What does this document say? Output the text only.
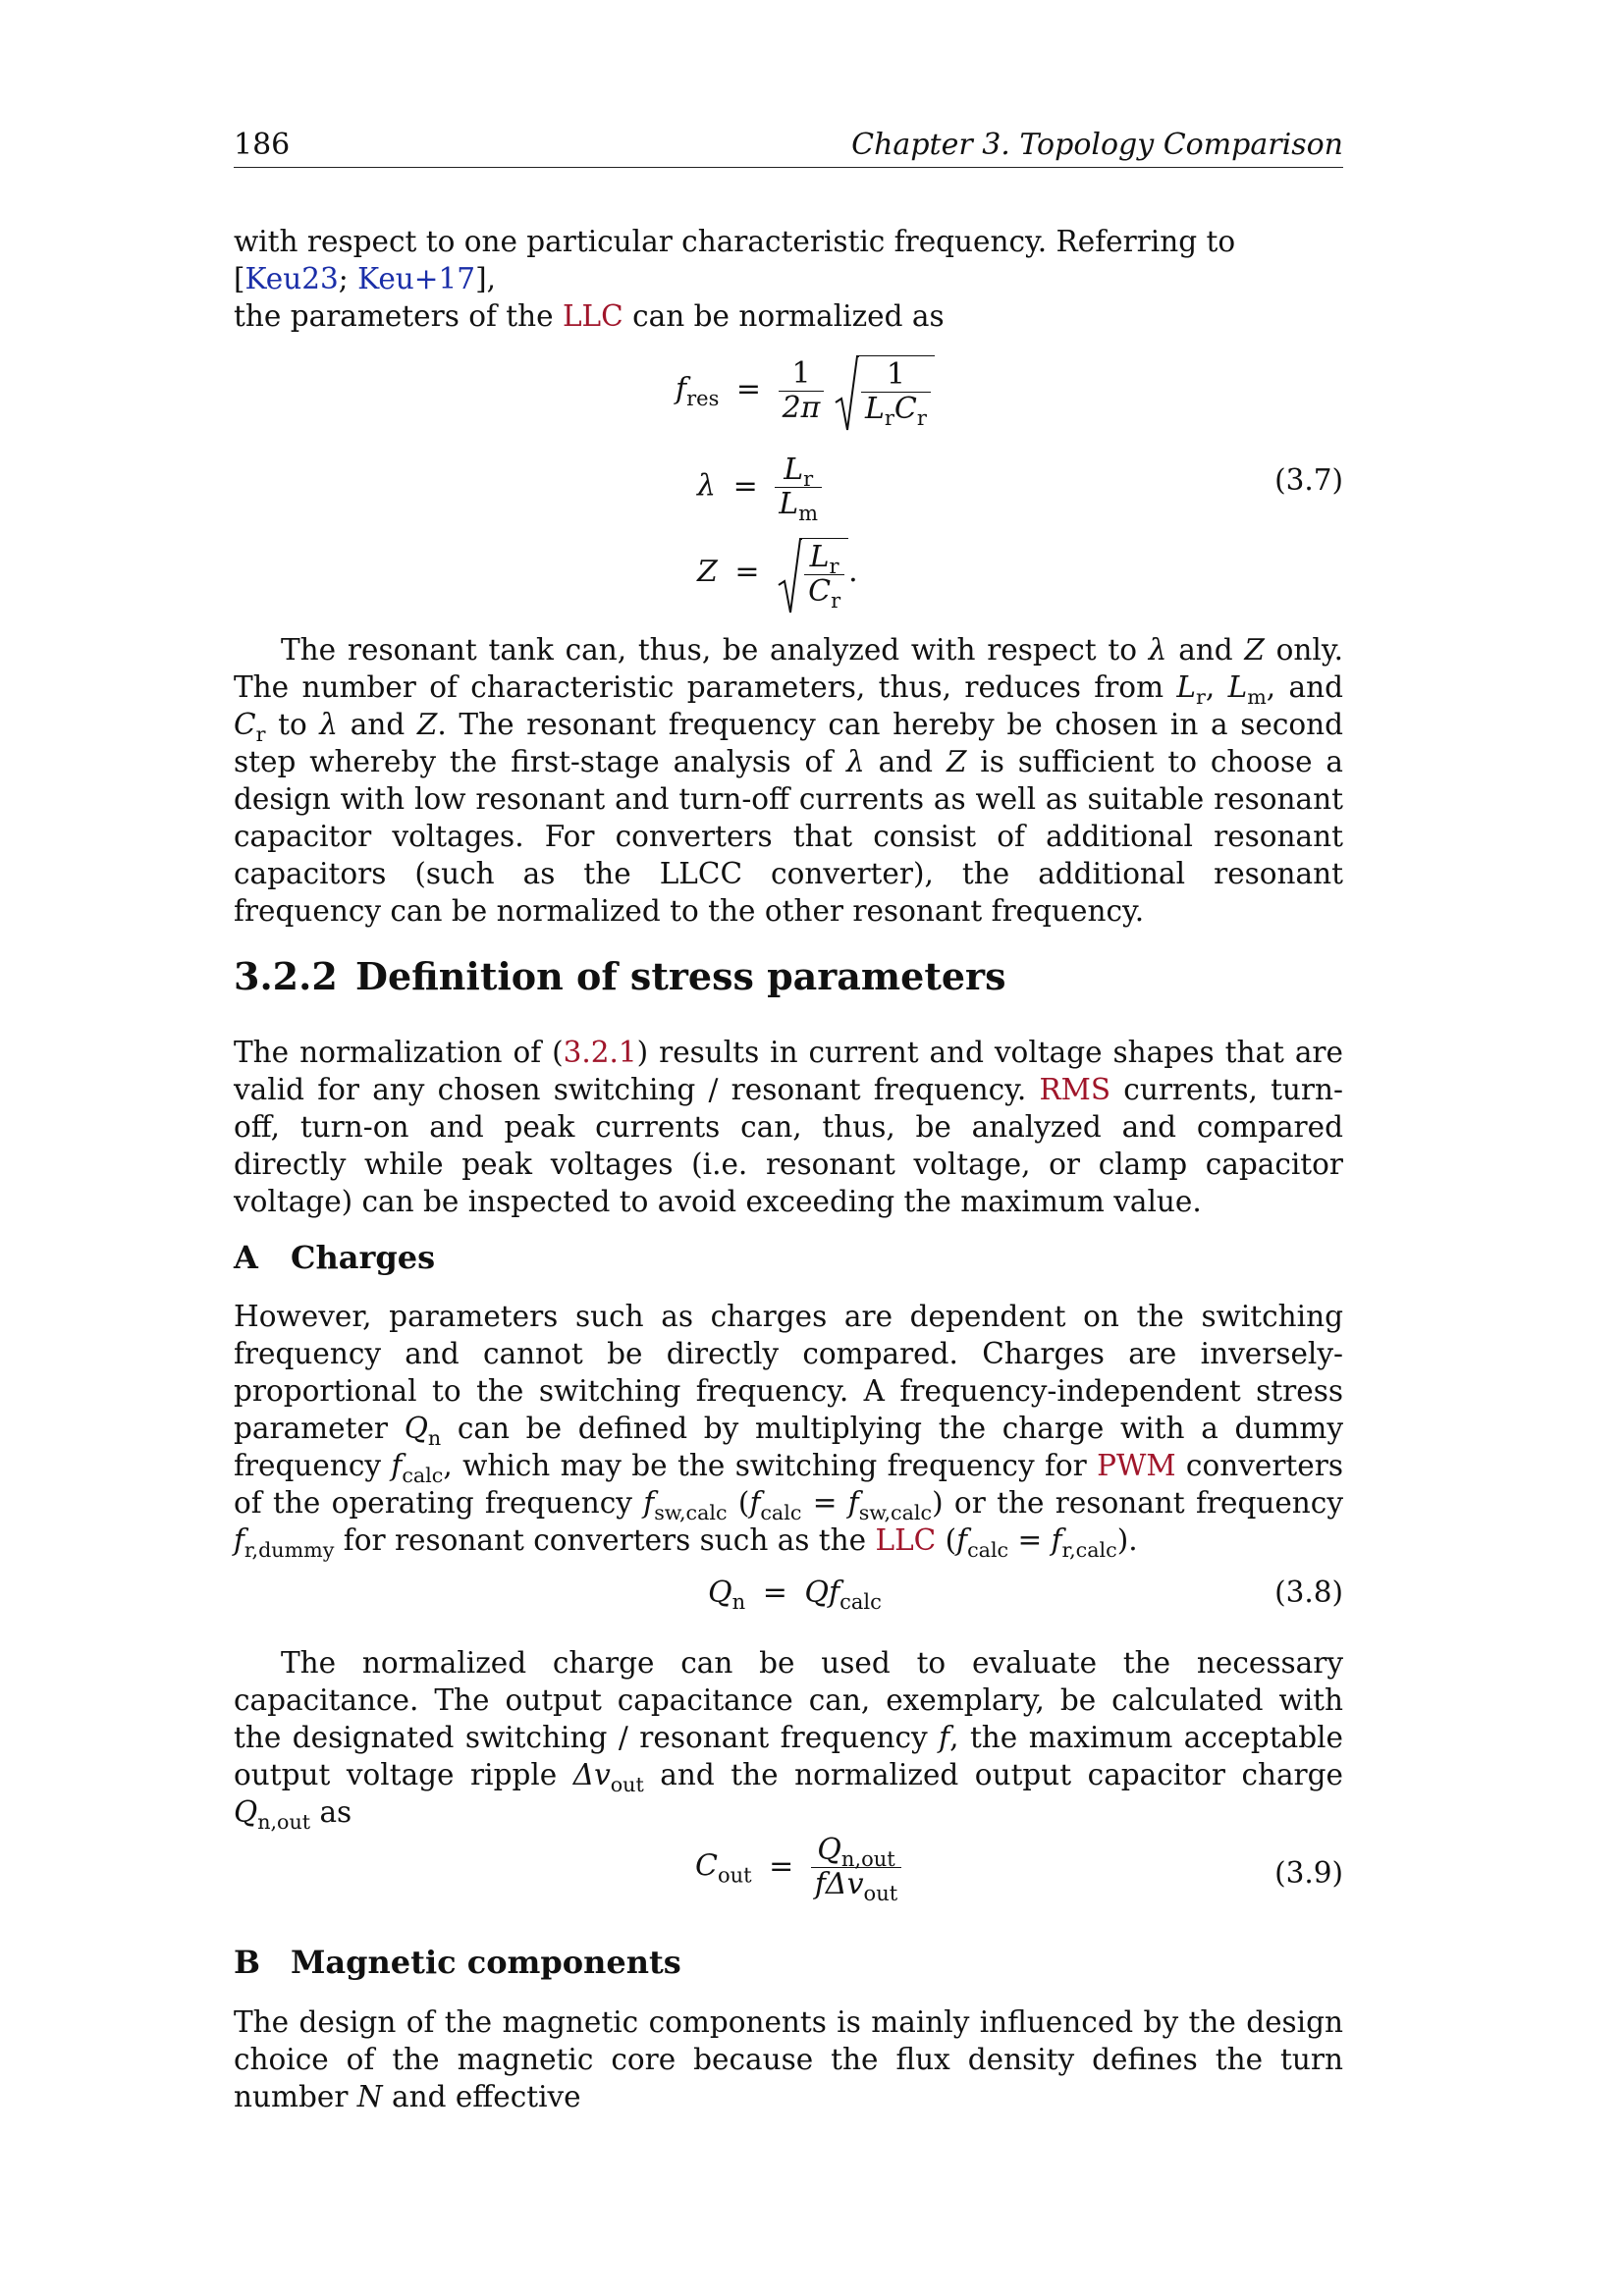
186	Chapter 3. Topology Comparison
with respect to one particular characteristic frequency. Referring to [Keu23; Keu+17],
the parameters of the LLC can be normalized as
$f_{res} = \frac{1}{2\pi}$
$\frac{1}{L_rC_r}$
$\lambda = \frac{L_r}{L_m}$
$Z = \frac{L_r}{C_r}$ .
(3.7)
The resonant tank can, thus, be analyzed with respect to λ and Z only. The number of characteristic parameters, thus, reduces from $L_r$, $L_m$, and $C_r$ to λ and Z. The resonant frequency can hereby be chosen in a second step whereby the first-stage analysis of λ and Z is sufficient to choose a design with low resonant and turn-off currents as well as suitable resonant capacitor voltages. For converters that consist of additional resonant capacitors (such as the LLCC converter), the additional resonant frequency can be normalized to the other resonant frequency.
3.2.2 Definition of stress parameters
The normalization of (3.2.1) results in current and voltage shapes that are valid for any chosen switching / resonant frequency. RMS currents, turn-off, turn-on and peak currents can, thus, be analyzed and compared directly while peak voltages (i.e. resonant voltage, or clamp capacitor voltage) can be inspected to avoid exceeding the maximum value.
A Charges
However, parameters such as charges are dependent on the switching frequency and cannot be directly compared. Charges are inversely-proportional to the switching frequency. A frequency-independent stress parameter $Q_n$ can be defined by multiplying the charge with a dummy frequency $f_{calc}$, which may be the switching frequency for PWM converters of the operating frequency $f_{sw,calc}$ $(f_{calc} = f_{sw,calc})$ or the resonant frequency $f_{r,dummy}$ for resonant converters such as the LLC $(f_{calc} = f_{r,calc})$.
$Q_n = Qf_{calc}$	(3.8)
The normalized charge can be used to evaluate the necessary capacitance. The output capacitance can, exemplary, be calculated with the designated switching / resonant frequency f, the maximum acceptable output voltage ripple $\Delta v_{out}$ and the normalized output capacitor charge $Q_{n,out}$ as
$C_{out} = \frac{Q_{n,out}}{f\Delta v_{out}}$	(3.9)
B Magnetic components
The design of the magnetic components is mainly influenced by the design choice of the magnetic core because the flux density defines the turn number N and effective
